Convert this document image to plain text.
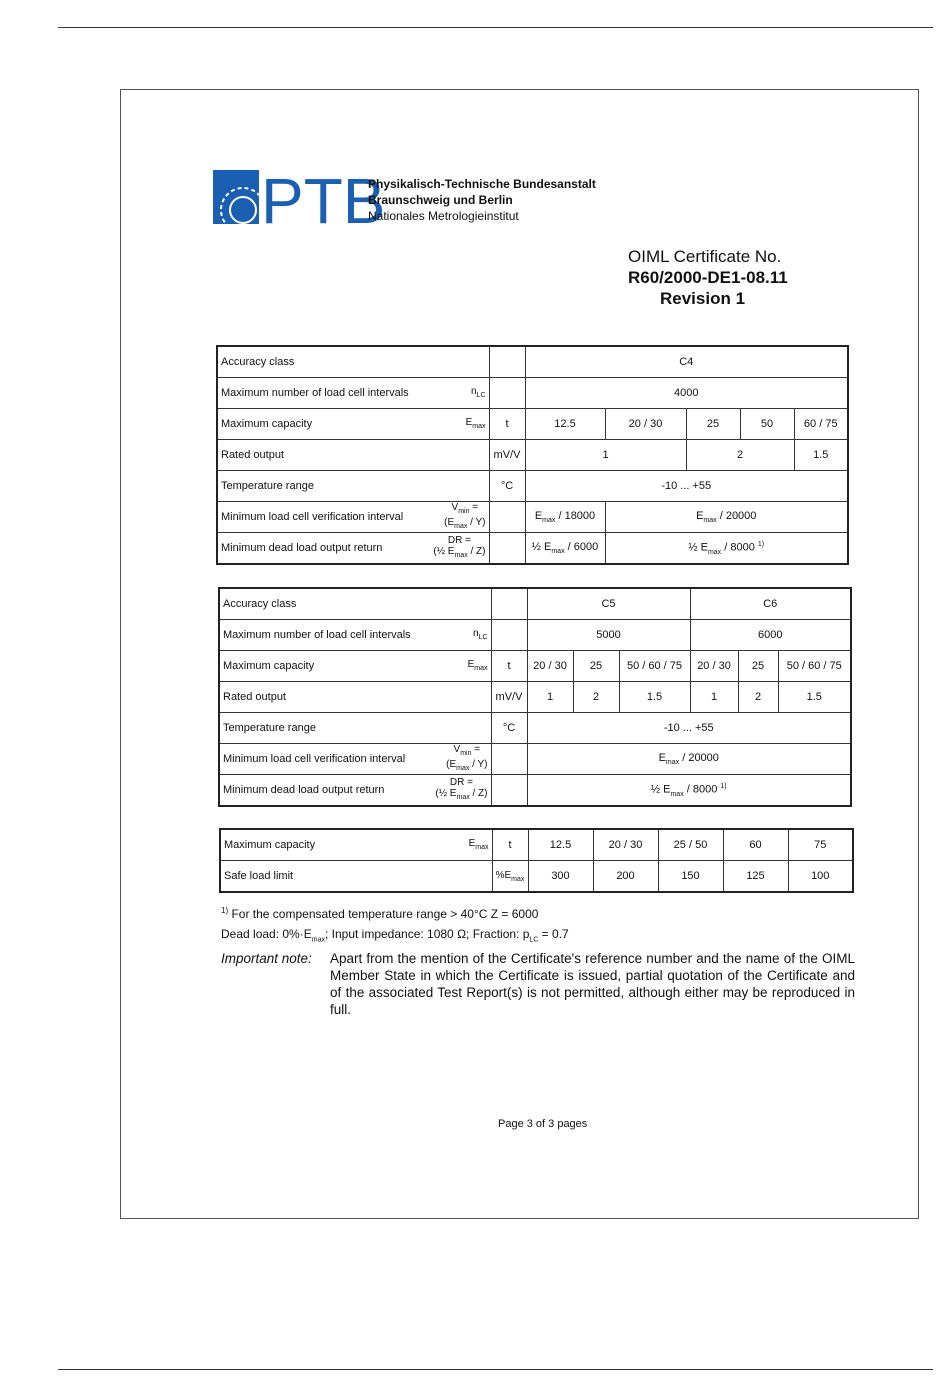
PTB
Physikalisch-Technische Bundesanstalt
Braunschweig und Berlin
Nationales Metrologieinstitut
OIML Certificate No.
R60/2000-DE1-08.11
Revision 1
Accuracy class		C4				

Maximum number of load cell intervals $n_{LC}$		4000				

Maximum capacity $E_{max}$	t	12.5	20 / 30	25	50	60 / 75
Rated output	mV/V	1		2		1.5
Temperature range	°C	-10 ... +55				

Minimum load cell verification interval
$V_{min}$ =
$(E_{max} / Y)$		$E_{max} / 18000$	$E_{max} / 20000$			

Minimum dead load output return
DR =
(½ $E_{max} / Z$)		½ $E_{max} / 6000$	½ $E_{max} / 8000$ $^{1)}$
Accuracy class		C5			C6		

Maximum number of load cell intervals $n_{LC}$		5000			6000		

Maximum capacity $E_{max}$	t	20 / 30	25	50 / 60 / 75	20 / 30	25	50 / 60 / 75
Rated output	mV/V	1	2	1.5	1	2	1.5
Temperature range	°C	-10 ... +55					

Minimum load cell verification interval
$V_{min}$ =
$(E_{max} / Y)$		$E_{max} / 20000$					

Minimum dead load output return
DR =
(½ $E_{max} / Z$)		½ $E_{max} / 8000$ $^{1)}$
Maximum capacity $E_{max}$	t	12.5	20 / 30	25 / 50	60	75
Safe load limit	$\%E_{max}$	300	200	150	125	100
$^{1)}$ For the compensated temperature range > 40°C Z = 6000
Dead load: $0\%\cdot E_{max}$; Input impedance: 1080 Ω; Fraction: $p_{LC} = 0.7$
Important note:	Apart from the mention of the Certificate's reference number and the name of the OIML Member State in which the Certificate is issued, partial quotation of the Certificate and of the associated Test Report(s) is not permitted, although either may be reproduced in full.
Page 3 of 3 pages
